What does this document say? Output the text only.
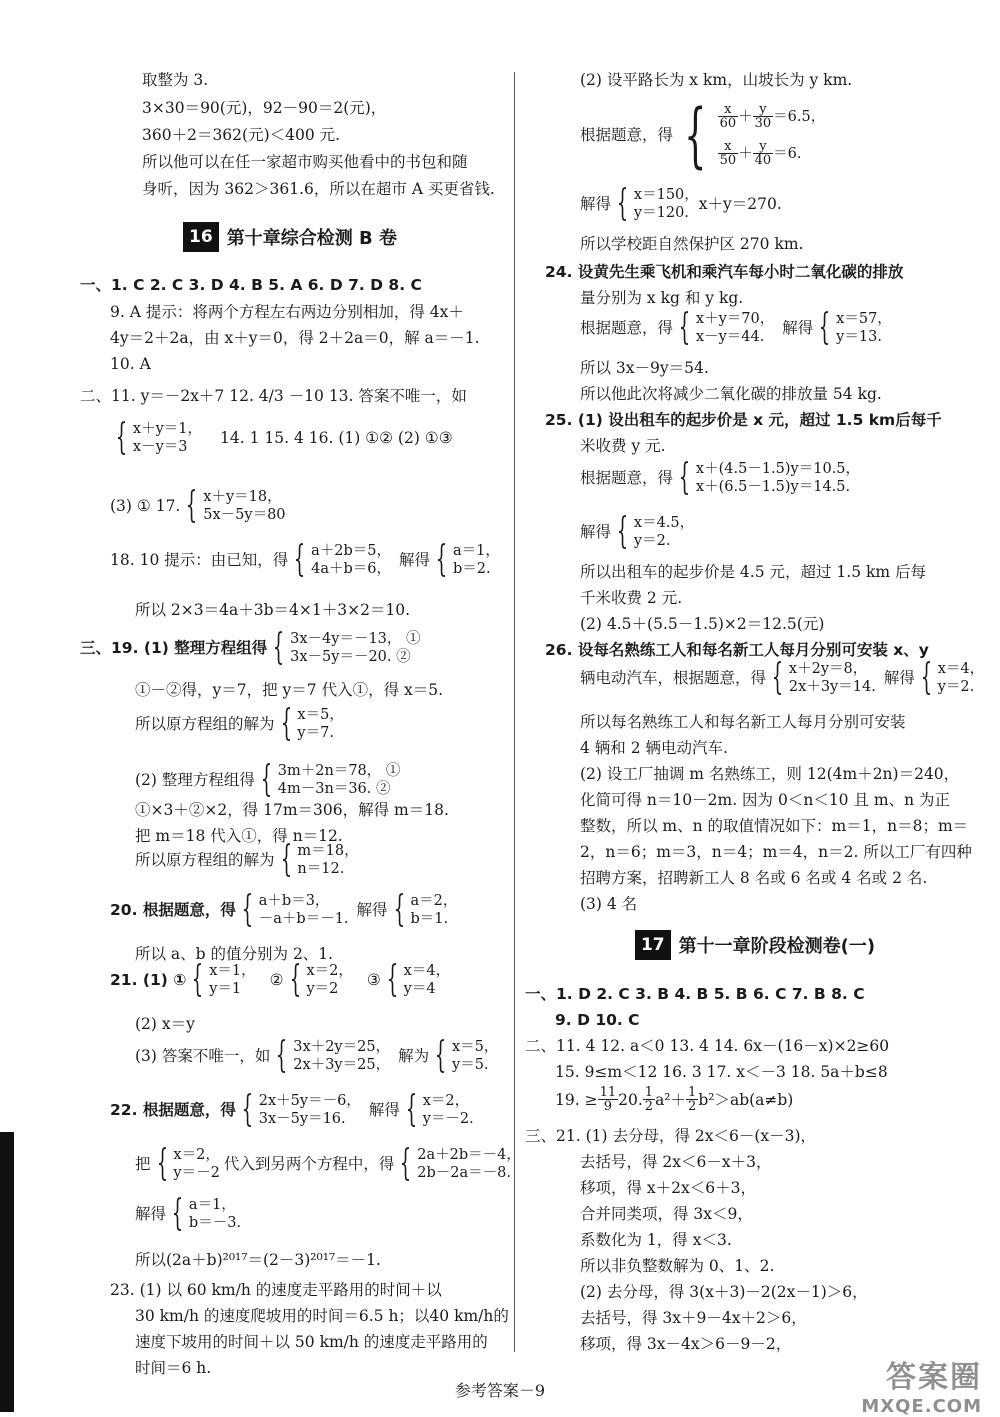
取整为 3.
3×30＝90(元)，92－90＝2(元)，
360＋2＝362(元)＜400 元.
所以他可以在任一家超市购买他看中的书包和随
身听，因为 362＞361.6，所以在超市 A 买更省钱.
16 第十章综合检测 B 卷
一、1. C 2. C 3. D 4. B 5. A 6. D 7. D 8. C
9. A 提示：将两个方程左右两边分别相加，得 4x＋
4y＝2＋2a，由 x＋y＝0，得 2＋2a＝0，解 a＝－1.
10. A
二、11. y＝－2x＋7 12. 4/3 －10 13. 答案不唯一，如
{ x＋y＝1，
x－y＝3	14. 1 15. 4 16. (1) ①② (2) ①③
(3) ① 17. { x＋y＝18，
5x－5y＝80
18. 10 提示：由已知，得 { a＋2b＝5，
4a＋b＝6， 解得 { a＝1，
b＝2.
所以 2×3＝4a＋3b＝4×1＋3×2＝10.
三、19. (1) 整理方程组得 { 3x－4y＝－13， ①
3x－5y＝－20. ②
①－②得，y＝7，把 y＝7 代入①，得 x＝5.
所以原方程组的解为 { x＝5，
y＝7.
(2) 整理方程组得 { 3m＋2n＝78， ①
4m－3n＝36. ②
①×3＋②×2，得 17m＝306，解得 m＝18.
把 m＝18 代入①，得 n＝12.
所以原方程组的解为 { m＝18，
n＝12.
20. 根据题意，得 { a＋b＝3，
－a＋b＝－1. 解得 { a＝2，
b＝1.
所以 a、b 的值分别为 2、1.
21. (1) ① { x＝1，
y＝1	② { x＝2，
y＝2	③ { x＝4，
y＝4
(2) x＝y
(3) 答案不唯一，如 { 3x＋2y＝25，
2x＋3y＝25， 解为 { x＝5，
y＝5.
22. 根据题意，得 { 2x＋5y＝－6，
3x－5y＝16.	解得 { x＝2，
y＝－2.
把 { x＝2，
y＝－2 代入到另两个方程中，得 { 2a＋2b＝－4，
2b－2a＝－8.
解得 { a＝1，
b＝－3.
所以(2a＋b)²⁰¹⁷＝(2－3)²⁰¹⁷＝－1.
23. (1) 以 60 km/h 的速度走平路用的时间＋以
30 km/h 的速度爬坡用的时间＝6.5 h；以40 km/h的
速度下坡用的时间＋以 50 km/h 的速度走平路用的
时间＝6 h.
(2) 设平路长为 x km，山坡长为 y km.
根据题意，得 { $\frac{x}{60} + \frac{y}{30} =6.5$，
$\frac{x}{50} + \frac{y}{40} =6$.
解得 { x＝150，
y＝120. x＋y＝270.
所以学校距自然保护区 270 km.
24. 设黄先生乘飞机和乘汽车每小时二氧化碳的排放
量分别为 x kg 和 y kg.
根据题意，得 { x＋y＝70，
x－y＝44.	解得 { x＝57，
y＝13.
所以 3x－9y＝54.
所以他此次将减少二氧化碳的排放量 54 kg.
25. (1) 设出租车的起步价是 x 元，超过 1.5 km后每千
米收费 y 元.
根据题意，得 { x＋(4.5－1.5)y＝10.5，
x＋(6.5－1.5)y＝14.5.
解得 { x＝4.5，
y＝2.
所以出租车的起步价是 4.5 元，超过 1.5 km 后每
千米收费 2 元.
(2) 4.5＋(5.5－1.5)×2＝12.5(元)
26. 设每名熟练工人和每名新工人每月分别可安装 x、y
辆电动汽车，根据题意，得 { x＋2y＝8，
2x＋3y＝14. 解得 { x＝4，
y＝2.
所以每名熟练工人和每名新工人每月分别可安装
4 辆和 2 辆电动汽车.
(2) 设工厂抽调 m 名熟练工，则 12(4m＋2n)＝240，
化简可得 n＝10－2m. 因为 0＜n＜10 且 m、n 为正
整数，所以 m、n 的取值情况如下：m＝1，n＝8；m＝
2，n＝6；m＝3，n＝4；m＝4，n＝2. 所以工厂有四种
招聘方案，招聘新工人 8 名或 6 名或 4 名或 2 名.
(3) 4 名
17 第十一章阶段检测卷(一)
一、1. D 2. C 3. B 4. B 5. B 6. C 7. B 8. C
9. D 10. C
二、11. 4 12. a＜0 13. 4 14. 6x－(16－x)×2≥60
15. 9≤m＜12 16. 3 17. x＜－3 18. 5a＋b≤8
19. ≥ $\frac{11}{9} 20$. $\frac{1}{2} a^2+ \frac{1}{2} b^2>ab(a\ne b)$
三、21. (1) 去分母，得 2x＜6－(x－3)，
去括号，得 2x＜6－x＋3，
移项，得 x＋2x＜6＋3，
合并同类项，得 3x＜9，
系数化为 1，得 x＜3.
所以非负整数解为 0、1、2.
(2) 去分母，得 3(x＋3)－2(2x－1)＞6，
去括号，得 3x＋9－4x＋2＞6，
移项，得 3x－4x＞6－9－2，
参考答案－9	答案圈
MXQE.COM
